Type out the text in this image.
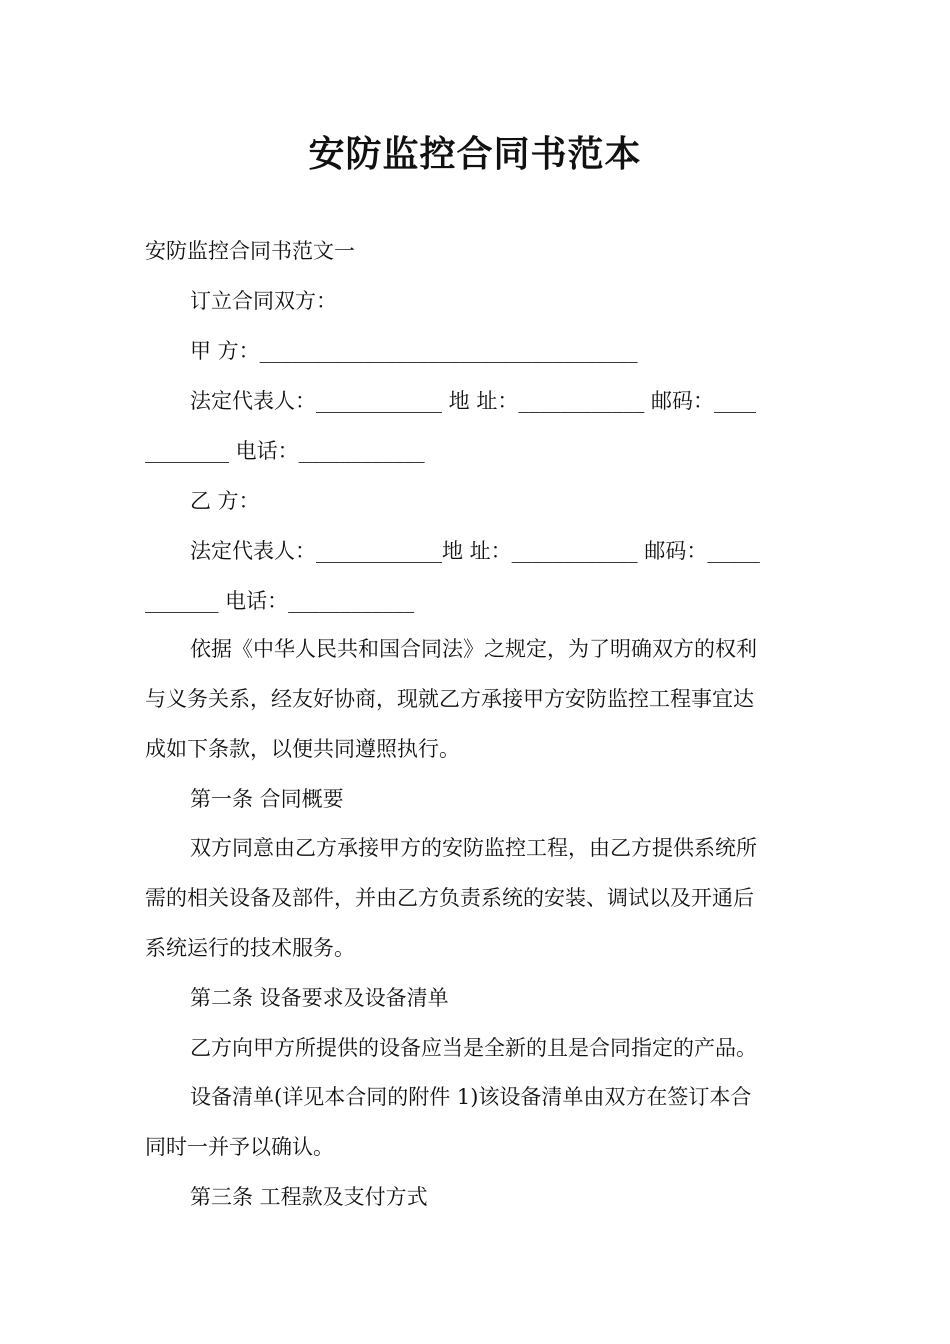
安防监控合同书范本
安防监控合同书范文一
订立合同双方：
甲 方：____________________________________
法定代表人：____________ 地 址：____________ 邮码：____
________ 电话：____________
乙 方：
法定代表人：____________地 址：____________ 邮码：_____
_______ 电话：____________
依据《中华人民共和国合同法》之规定，为了明确双方的权利
与义务关系，经友好协商，现就乙方承接甲方安防监控工程事宜达
成如下条款，以便共同遵照执行。
第一条 合同概要
双方同意由乙方承接甲方的安防监控工程，由乙方提供系统所
需的相关设备及部件，并由乙方负责系统的安装、调试以及开通后
系统运行的技术服务。
第二条 设备要求及设备清单
乙方向甲方所提供的设备应当是全新的且是合同指定的产品。
设备清单(详见本合同的附件 1)该设备清单由双方在签订本合
同时一并予以确认。
第三条 工程款及支付方式
